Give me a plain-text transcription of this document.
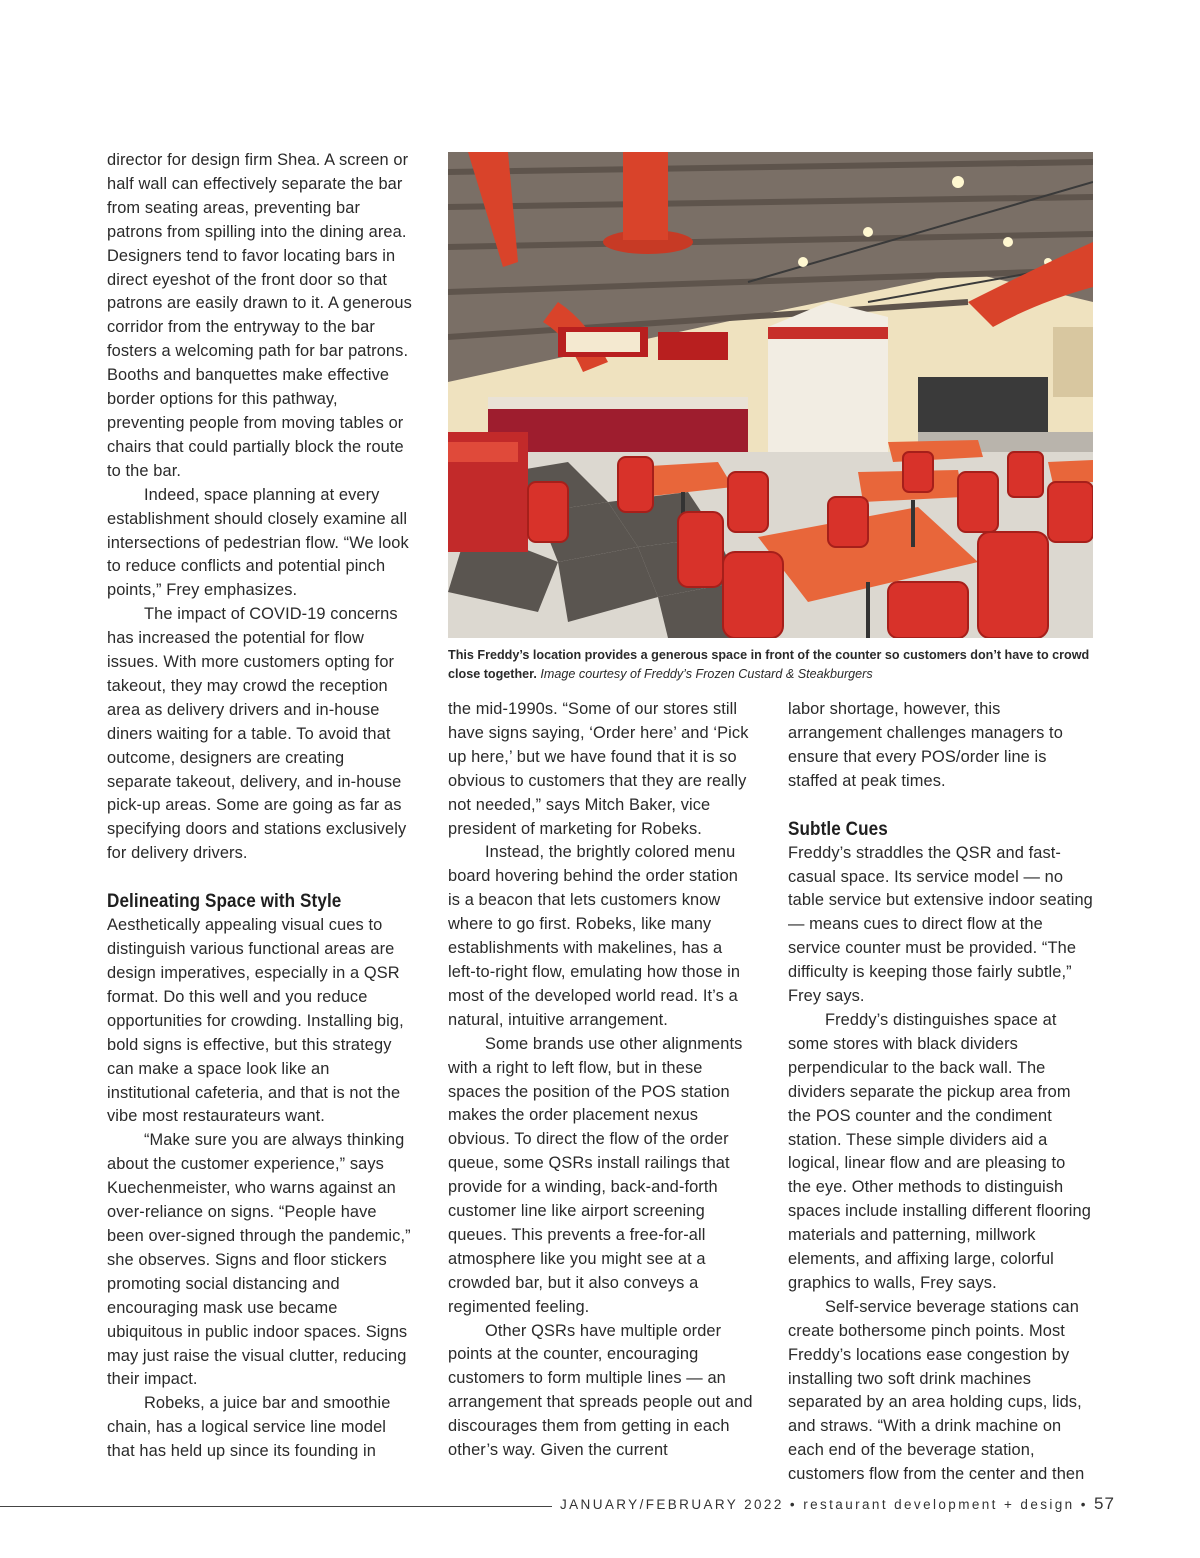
director for design firm Shea. A screen or half wall can effectively separate the bar from seating areas, preventing bar patrons from spilling into the dining area. Designers tend to favor locating bars in direct eyeshot of the front door so that patrons are easily drawn to it. A generous corridor from the entryway to the bar fosters a welcoming path for bar patrons. Booths and banquettes make effective border options for this pathway, preventing people from moving tables or chairs that could partially block the route to the bar.

Indeed, space planning at every establishment should closely examine all intersections of pedestrian flow. “We look to reduce conflicts and potential pinch points,” Frey emphasizes.

The impact of COVID-19 concerns has increased the potential for flow issues. With more customers opting for takeout, they may crowd the reception area as delivery drivers and in-house diners waiting for a table. To avoid that outcome, designers are creating separate takeout, delivery, and in-house pick-up areas. Some are going as far as specifying doors and stations exclusively for delivery drivers.

Delineating Space with Style

Aesthetically appealing visual cues to distinguish various functional areas are design imperatives, especially in a QSR format. Do this well and you reduce opportunities for crowding. Installing big, bold signs is effective, but this strategy can make a space look like an institutional cafeteria, and that is not the vibe most restaurateurs want.

“Make sure you are always thinking about the customer experience,” says Kuechenmeister, who warns against an over-reliance on signs. “People have been over-signed through the pandemic,” she observes. Signs and floor stickers promoting social distancing and encouraging mask use became ubiquitous in public indoor spaces. Signs may just raise the visual clutter, reducing their impact.

Robeks, a juice bar and smoothie chain, has a logical service line model that has held up since its founding in

This Freddy’s location provides a generous space in front of the counter so customers don’t have to crowd close together. Image courtesy of Freddy’s Frozen Custard & Steakburgers

the mid-1990s. “Some of our stores still have signs saying, ‘Order here’ and ‘Pick up here,’ but we have found that it is so obvious to customers that they are really not needed,” says Mitch Baker, vice president of marketing for Robeks.

Instead, the brightly colored menu board hovering behind the order station is a beacon that lets customers know where to go first. Robeks, like many establishments with makelines, has a left-to-right flow, emulating how those in most of the developed world read. It’s a natural, intuitive arrangement.

Some brands use other alignments with a right to left flow, but in these spaces the position of the POS station makes the order placement nexus obvious. To direct the flow of the order queue, some QSRs install railings that provide for a winding, back-and-forth customer line like airport screening queues. This prevents a free-for-all atmosphere like you might see at a crowded bar, but it also conveys a regimented feeling.

Other QSRs have multiple order points at the counter, encouraging customers to form multiple lines — an arrangement that spreads people out and discourages them from getting in each other’s way. Given the current

labor shortage, however, this arrangement challenges managers to ensure that every POS/order line is staffed at peak times.

Subtle Cues

Freddy’s straddles the QSR and fast-casual space. Its service model — no table service but extensive indoor seating — means cues to direct flow at the service counter must be provided. “The difficulty is keeping those fairly subtle,” Frey says.

Freddy’s distinguishes space at some stores with black dividers perpendicular to the back wall. The dividers separate the pickup area from the POS counter and the condiment station. These simple dividers aid a logical, linear flow and are pleasing to the eye. Other methods to distinguish spaces include installing different flooring materials and patterning, millwork elements, and affixing large, colorful graphics to walls, Frey says.

Self-service beverage stations can create bothersome pinch points. Most Freddy’s locations ease congestion by installing two soft drink machines separated by an area holding cups, lids, and straws. “With a drink machine on each end of the beverage station, customers flow from the center and then

JANUARY/FEBRUARY 2022 • restaurant development + design • 57
